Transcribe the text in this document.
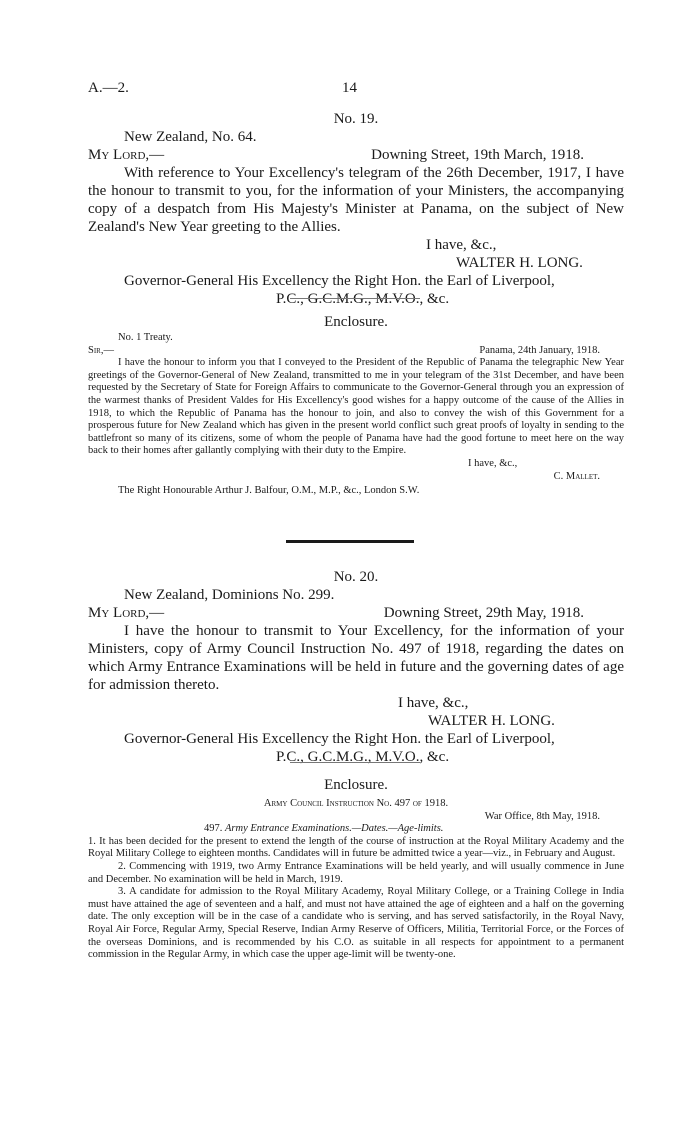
A.—2.	14
No. 19.
New Zealand, No. 64.
My Lord,—	Downing Street, 19th March, 1918.
With reference to Your Excellency's telegram of the 26th December, 1917, I have the honour to transmit to you, for the information of your Ministers, the accompanying copy of a despatch from His Majesty's Minister at Panama, on the subject of New Zealand's New Year greeting to the Allies.
I have, &c.,
WALTER H. LONG.
Governor-General His Excellency the Right Hon. the Earl of Liverpool,
P.C., G.C.M.G., M.V.O., &c.
Enclosure.
No. 1 Treaty.
Sir,—	Panama, 24th January, 1918.
I have the honour to inform you that I conveyed to the President of the Republic of Panama the telegraphic New Year greetings of the Governor-General of New Zealand, transmitted to me in your telegram of the 31st December, and have been requested by the Secretary of State for Foreign Affairs to communicate to the Governor-General through you an expression of the warmest thanks of President Valdes for His Excellency's good wishes for a happy outcome of the cause of the Allies in 1918, to which the Republic of Panama has the honour to join, and also to convey the wish of this Government for a prosperous future for New Zealand which has given in the present world conflict such great proofs of loyalty in sending to the battlefront so many of its citizens, some of whom the people of Panama have had the good fortune to meet here on the way back to their homes after gallantly complying with their duty to the Empire.
I have, &c.,
C. Mallet.
The Right Honourable Arthur J. Balfour, O.M., M.P., &c., London S.W.
No. 20.
New Zealand, Dominions No. 299.
My Lord,—	Downing Street, 29th May, 1918.
I have the honour to transmit to Your Excellency, for the information of your Ministers, copy of Army Council Instruction No. 497 of 1918, regarding the dates on which Army Entrance Examinations will be held in future and the governing dates of age for admission thereto.
I have, &c.,
WALTER H. LONG.
Governor-General His Excellency the Right Hon. the Earl of Liverpool,
P.C., G.C.M.G., M.V.O., &c.
Enclosure.
Army Council Instruction No. 497 of 1918.
War Office, 8th May, 1918.
497. Army Entrance Examinations.—Dates.—Age-limits.
1. It has been decided for the present to extend the length of the course of instruction at the Royal Military Academy and the Royal Military College to eighteen months. Candidates will in future be admitted twice a year—viz., in February and August.
2. Commencing with 1919, two Army Entrance Examinations will be held yearly, and will usually commence in June and December. No examination will be held in March, 1919.
3. A candidate for admission to the Royal Military Academy, Royal Military College, or a Training College in India must have attained the age of seventeen and a half, and must not have attained the age of eighteen and a half on the governing date. The only exception will be in the case of a candidate who is serving, and has served satisfactorily, in the Royal Navy, Royal Air Force, Regular Army, Special Reserve, Indian Army Reserve of Officers, Militia, Territorial Force, or the Forces of the overseas Dominions, and is recommended by his C.O. as suitable in all respects for appointment to a permanent commission in the Regular Army, in which case the upper age-limit will be twenty-one.
